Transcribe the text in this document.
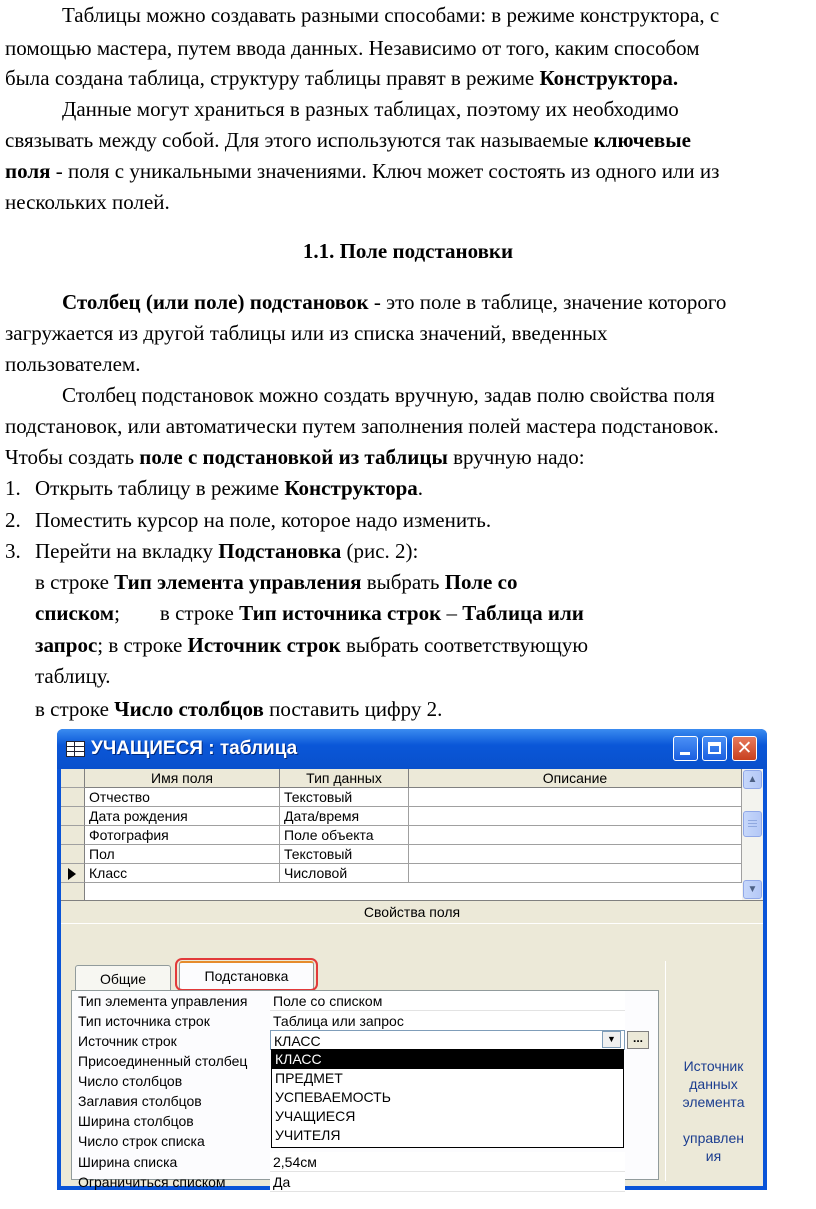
Таблицы можно создавать разными способами: в режиме конструктора, с

помощью мастера, путем ввода данных. Независимо от того, каким способом

была создана таблица, структуру таблицы правят в режиме Конструктора.

Данные могут храниться в разных таблицах, поэтому их необходимо

связывать между собой. Для этого используются так называемые ключевые

поля - поля с уникальными значениями. Ключ может состоять из одного или из

нескольких полей.

1.1. Поле подстановки

Столбец (или поле) подстановок - это поле в таблице, значение которого

загружается из другой таблицы или из списка значений, введенных

пользователем.

Столбец подстановок можно создать вручную, задав полю свойства поля

подстановок, или автоматически путем заполнения полей мастера подстановок.

Чтобы создать поле с подстановкой из таблицы вручную надо:

1. Открыть таблицу в режиме Конструктора.
2. Поместить курсор на поле, которое надо изменить.
3. Перейти на вкладку Подстановка (рис. 2):
в строке Тип элемента управления выбрать Поле со
списком; в строке Тип источника строк – Таблица или
запрос; в строке Источник строк выбрать соответствующую
таблицу.
в строке Число столбцов поставить цифру 2.
УЧАЩИЕСЯ : таблица	✕
Имя поля	Тип данных	Описание
Отчество	Текстовый
Дата рождения	Дата/время
Фотография	Поле объекта
Пол	Текстовый
Класс	Числовой
▲
▼
Свойства поля
Общие	Подстановка
Тип элемента управления Поле со списком
Тип источника строк	Таблица или запрос
Источник строк	КЛАСС	▼	...
Присоединенный столбец
Число столбцов
Заглавия столбцов
Ширина столбцов
Число строк списка
Ширина списка	2,54см
Ограничиться списком	Да
КЛАСС
ПРЕДМЕТ
УСПЕВАЕМОСТЬ
УЧАЩИЕСЯ
УЧИТЕЛЯ
Источник
данных
элемента
управлен
ия
